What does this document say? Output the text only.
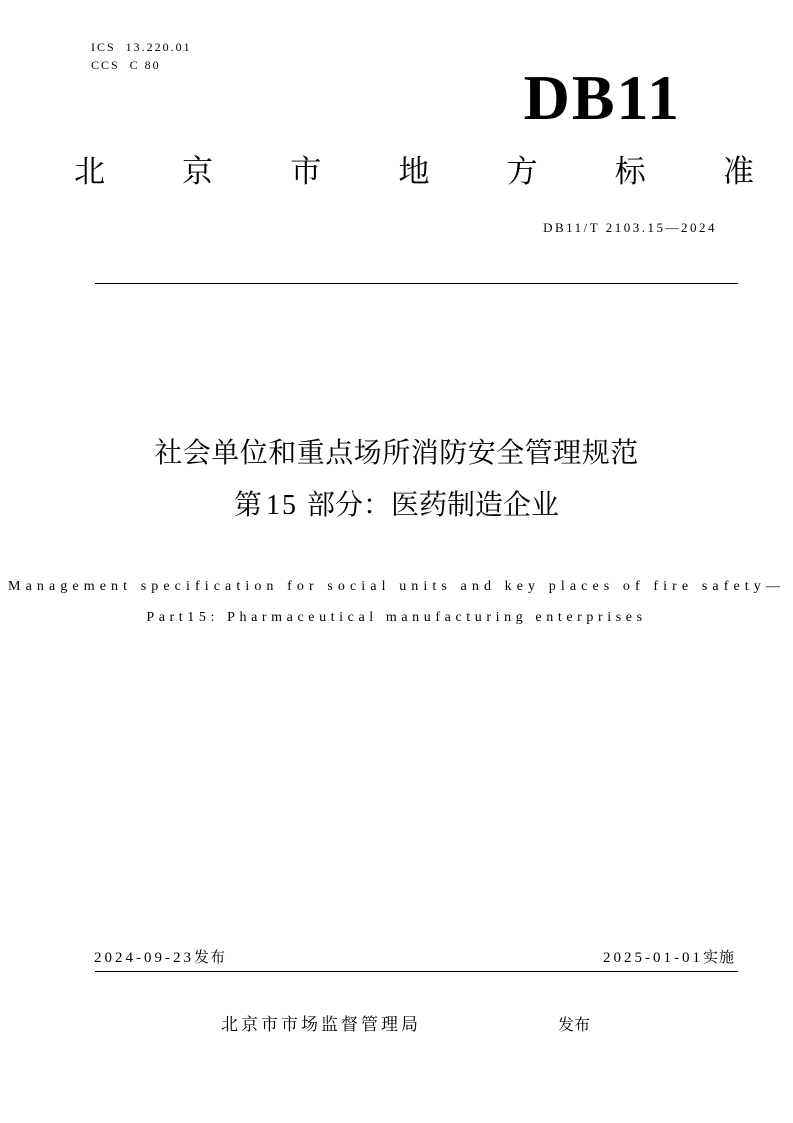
ICS  13.220.01
CCS  C 80	DB11
北 京 市 地 方 标 准
DB11/T 2103.15—2024
社会单位和重点场所消防安全管理规范
第 15 部分：医药制造企业
Management specification for social units and key places of fire safety—
Part15: Pharmaceutical manufacturing enterprises
2024-09-23发布	2025-01-01实施
北京市市场监督管理局	发布
